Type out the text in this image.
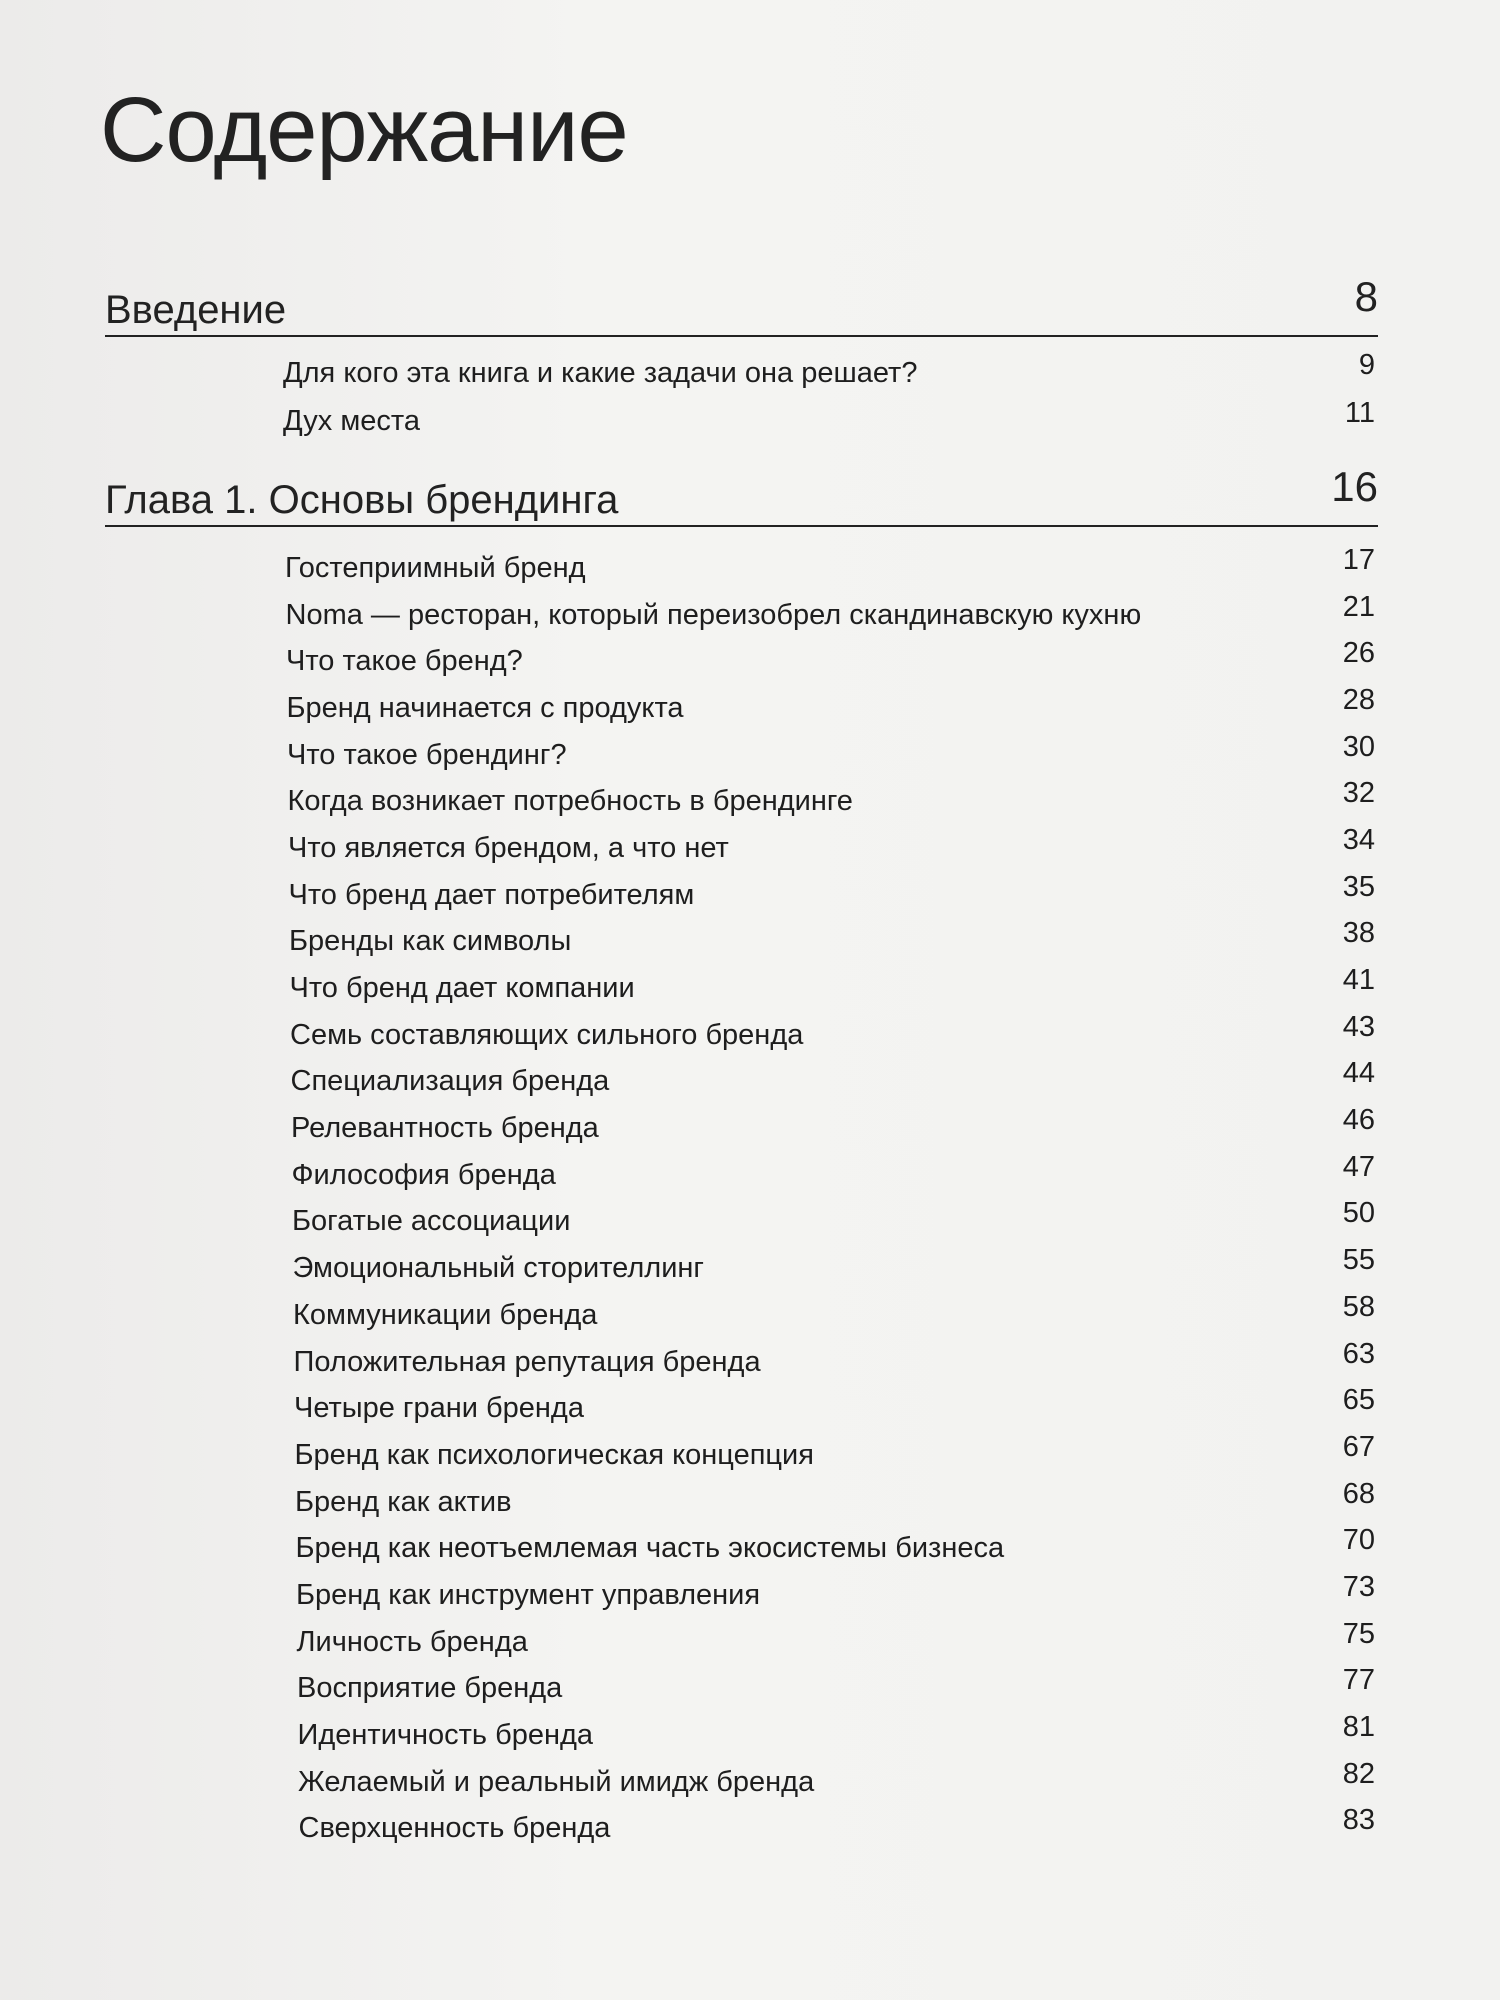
Содержание
Введение	8
Для кого эта книга и какие задачи она решает?	9
Дух места	11
Глава 1. Основы брендинга	16
Гостеприимный бренд	17
Noma — ресторан, который переизобрел скандинавскую кухню	21
Что такое бренд?	26
Бренд начинается с продукта	28
Что такое брендинг?	30
Когда возникает потребность в брендинге	32
Что является брендом, а что нет	34
Что бренд дает потребителям	35
Бренды как символы	38
Что бренд дает компании	41
Семь составляющих сильного бренда	43
Специализация бренда	44
Релевантность бренда	46
Философия бренда	47
Богатые ассоциации	50
Эмоциональный сторителлинг	55
Коммуникации бренда	58
Положительная репутация бренда	63
Четыре грани бренда	65
Бренд как психологическая концепция	67
Бренд как актив	68
Бренд как неотъемлемая часть экосистемы бизнеса	70
Бренд как инструмент управления	73
Личность бренда	75
Восприятие бренда	77
Идентичность бренда	81
Желаемый и реальный имидж бренда	82
Сверхценность бренда	83
